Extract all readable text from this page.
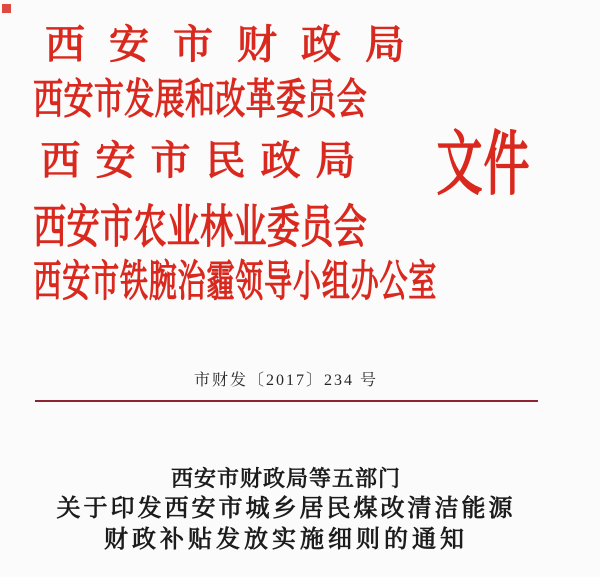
西 安 市 财 政 局
西 安 市 发 展 和 改 革 委 员 会
西 安 市 民 政 局 文 件
西 安 市 农 业 林 业 委 员 会
西 安 市 铁 腕 治 霾 领 导 小 组 办 公 室
市财发〔2017〕234 号
西安市财政局等五部门
关于印发西安市城乡居民煤改清洁能源
财政补贴发放实施细则的通知
